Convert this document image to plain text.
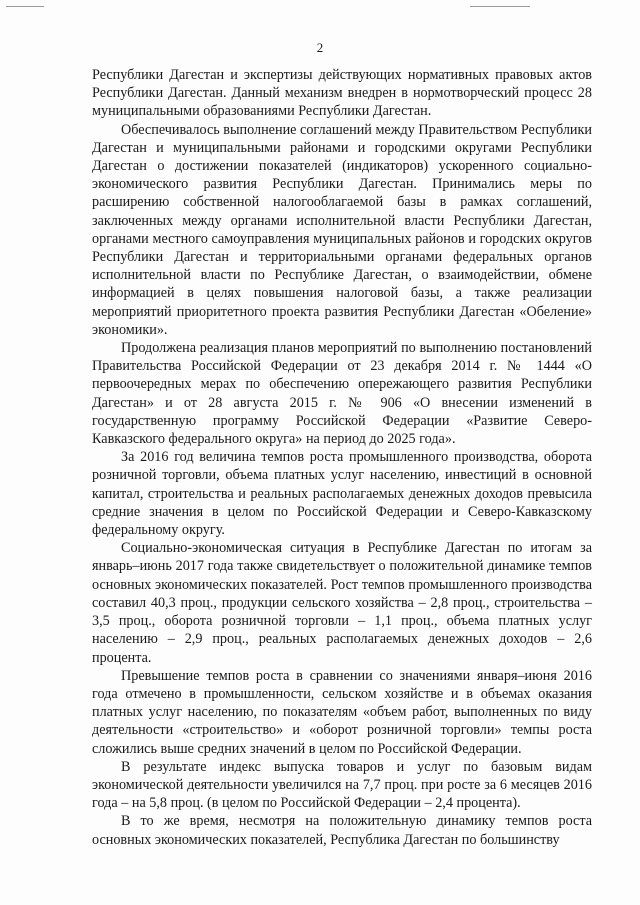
2

Республики Дагестан и экспертизы действующих нормативных правовых актов Республики Дагестан. Данный механизм внедрен в нормотворческий процесс 28 муниципальными образованиями Республики Дагестан.

Обеспечивалось выполнение соглашений между Правительством Республики Дагестан и муниципальными районами и городскими округами Республики Дагестан о достижении показателей (индикаторов) ускоренного социально-экономического развития Республики Дагестан. Принимались меры по расширению собственной налогооблагаемой базы в рамках соглашений, заключенных между органами исполнительной власти Республики Дагестан, органами местного самоуправления муниципальных районов и городских округов Республики Дагестан и территориальными органами федеральных органов исполнительной власти по Республике Дагестан, о взаимодействии, обмене информацией в целях повышения налоговой базы, а также реализации мероприятий приоритетного проекта развития Республики Дагестан «Обеление» экономики».

Продолжена реализация планов мероприятий по выполнению постановлений Правительства Российской Федерации от 23 декабря 2014 г. № 1444 «О первоочередных мерах по обеспечению опережающего развития Республики Дагестан» и от 28 августа 2015 г. № 906 «О внесении изменений в государственную программу Российской Федерации «Развитие Северо-Кавказского федерального округа» на период до 2025 года».

За 2016 год величина темпов роста промышленного производства, оборота розничной торговли, объема платных услуг населению, инвестиций в основной капитал, строительства и реальных располагаемых денежных доходов превысила средние значения в целом по Российской Федерации и Северо-Кавказскому федеральному округу.

Социально-экономическая ситуация в Республике Дагестан по итогам за январь–июнь 2017 года также свидетельствует о положительной динамике темпов основных экономических показателей. Рост темпов промышленного производства составил 40,3 проц., продукции сельского хозяйства – 2,8 проц., строительства – 3,5 проц., оборота розничной торговли – 1,1 проц., объема платных услуг населению – 2,9 проц., реальных располагаемых денежных доходов – 2,6 процента.

Превышение темпов роста в сравнении со значениями января–июня 2016 года отмечено в промышленности, сельском хозяйстве и в объемах оказания платных услуг населению, по показателям «объем работ, выполненных по виду деятельности «строительство» и «оборот розничной торговли» темпы роста сложились выше средних значений в целом по Российской Федерации.

В результате индекс выпуска товаров и услуг по базовым видам экономической деятельности увеличился на 7,7 проц. при росте за 6 месяцев 2016 года – на 5,8 проц. (в целом по Российской Федерации – 2,4 процента).

В то же время, несмотря на положительную динамику темпов роста основных экономических показателей, Республика Дагестан по большинству
